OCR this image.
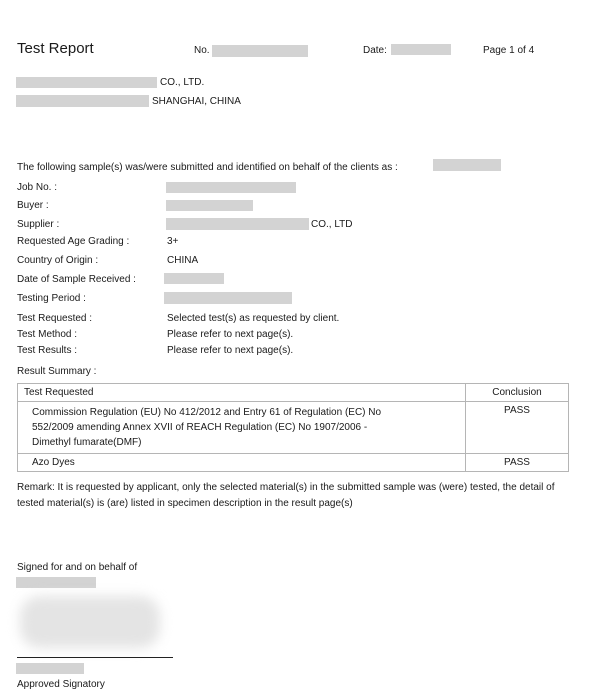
Test Report	No.	Date:	Page 1 of 4
CO., LTD.
SHANGHAI, CHINA
The following sample(s) was/were submitted and identified on behalf of the clients as :
Job No. :
Buyer :
Supplier :	CO., LTD
Requested Age Grading :	3+
Country of Origin :	CHINA
Date of Sample Received :
Testing Period :
Test Requested :	Selected test(s) as requested by client.
Test Method :	Please refer to next page(s).
Test Results :	Please refer to next page(s).
Result Summary :
Test Requested	Conclusion

Commission Regulation (EU) No 412/2012 and Entry 61 of Regulation (EC) No
552/2009 amending Annex XVII of REACH Regulation (EC) No 1907/2006 -
Dimethyl fumarate(DMF)	PASS
Azo Dyes	PASS
Remark: It is requested by applicant, only the selected material(s) in the submitted sample was (were) tested, the detail of tested material(s) is (are) listed in specimen description in the result page(s)
Signed for and on behalf of
Approved Signatory
